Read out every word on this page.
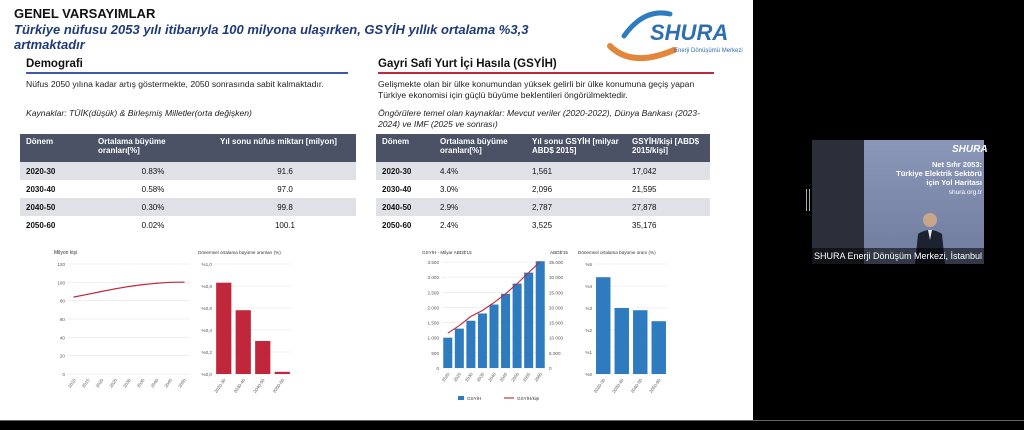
GENEL VARSAYIMLAR
Türkiye nüfusu 2053 yılı itibarıyla 100 milyona ulaşırken, GSYİH yıllık ortalama %3,3 artmaktadır	SHURA
Enerji Dönüşümü Merkezi
Demografi
Nüfus 2050 yılına kadar artış göstermekte, 2050 sonrasında sabit kalmaktadır.
Kaynaklar: TÜİK(düşük) & Birleşmiş Milletler(orta değişken)
Dönem	Ortalama büyüme oranları[%]	Yıl sonu nüfus miktarı [milyon]
2020-30	0.83%	91.6
2030-40	0.58%	97.0
2040-50	0.30%	99.8
2050-60	0.02%	100.1
Gayri Safi Yurt İçi Hasıla (GSYİH)
Gelişmekte olan bir ülke konumundan yüksek gelirli bir ülke konumuna geçiş yapan Türkiye ekonomisi için güçlü büyüme beklentileri öngörülmektedir.
Öngörülere temel olan kaynaklar: Mevcut veriler (2020-2022), Dünya Bankası (2023-2024) ve IMF (2025 ve sonrası)
Dönem	Ortalama büyüme oranları[%]	Yıl sonu GSYİH [milyar ABD$ 2015]	GSYİH/kişi [ABD$ 2015/kişi]
2020-30	4.4%	1,561	17,042
2030-40	3.0%	2,096	21,595
2040-50	2.9%	2,787	27,878
2050-60	2.4%	3,525	35,176
Milyon kişi
0
20
40
60
80
100
120
2010 2015 2020 2025 2030 2035 2040 2045 2050
Dönemsel ortalama büyüme oranları (%)
%0,0
%0,2
%0,4
%0,6
%0,8
%1,0
2020-30 2030-40 2040-50 2050-60
GSYİH - Milyar ABD$'15	ABD$'15
0
500
1.000
1.500
2.000
2.500
3.000
3.500
0
5.000
10.000
15.000
20.000
25.000
30.000
35.000
2020 2025 2030 2035 2040 2045 2050 2055 2060
GSYİH	GSYİH/kişi
Dönemsel ortalama büyüme oranı (%)
%0
%1
%2
%3
%4
%5
2020-30 2030-40 2040-50 2050-60
SHURA
Net Sıfır 2053:
Türkiye Elektrik Sektörü
için Yol Haritası
shura.org.tr
SHURA Enerji Dönüşüm Merkezi, İstanbul
